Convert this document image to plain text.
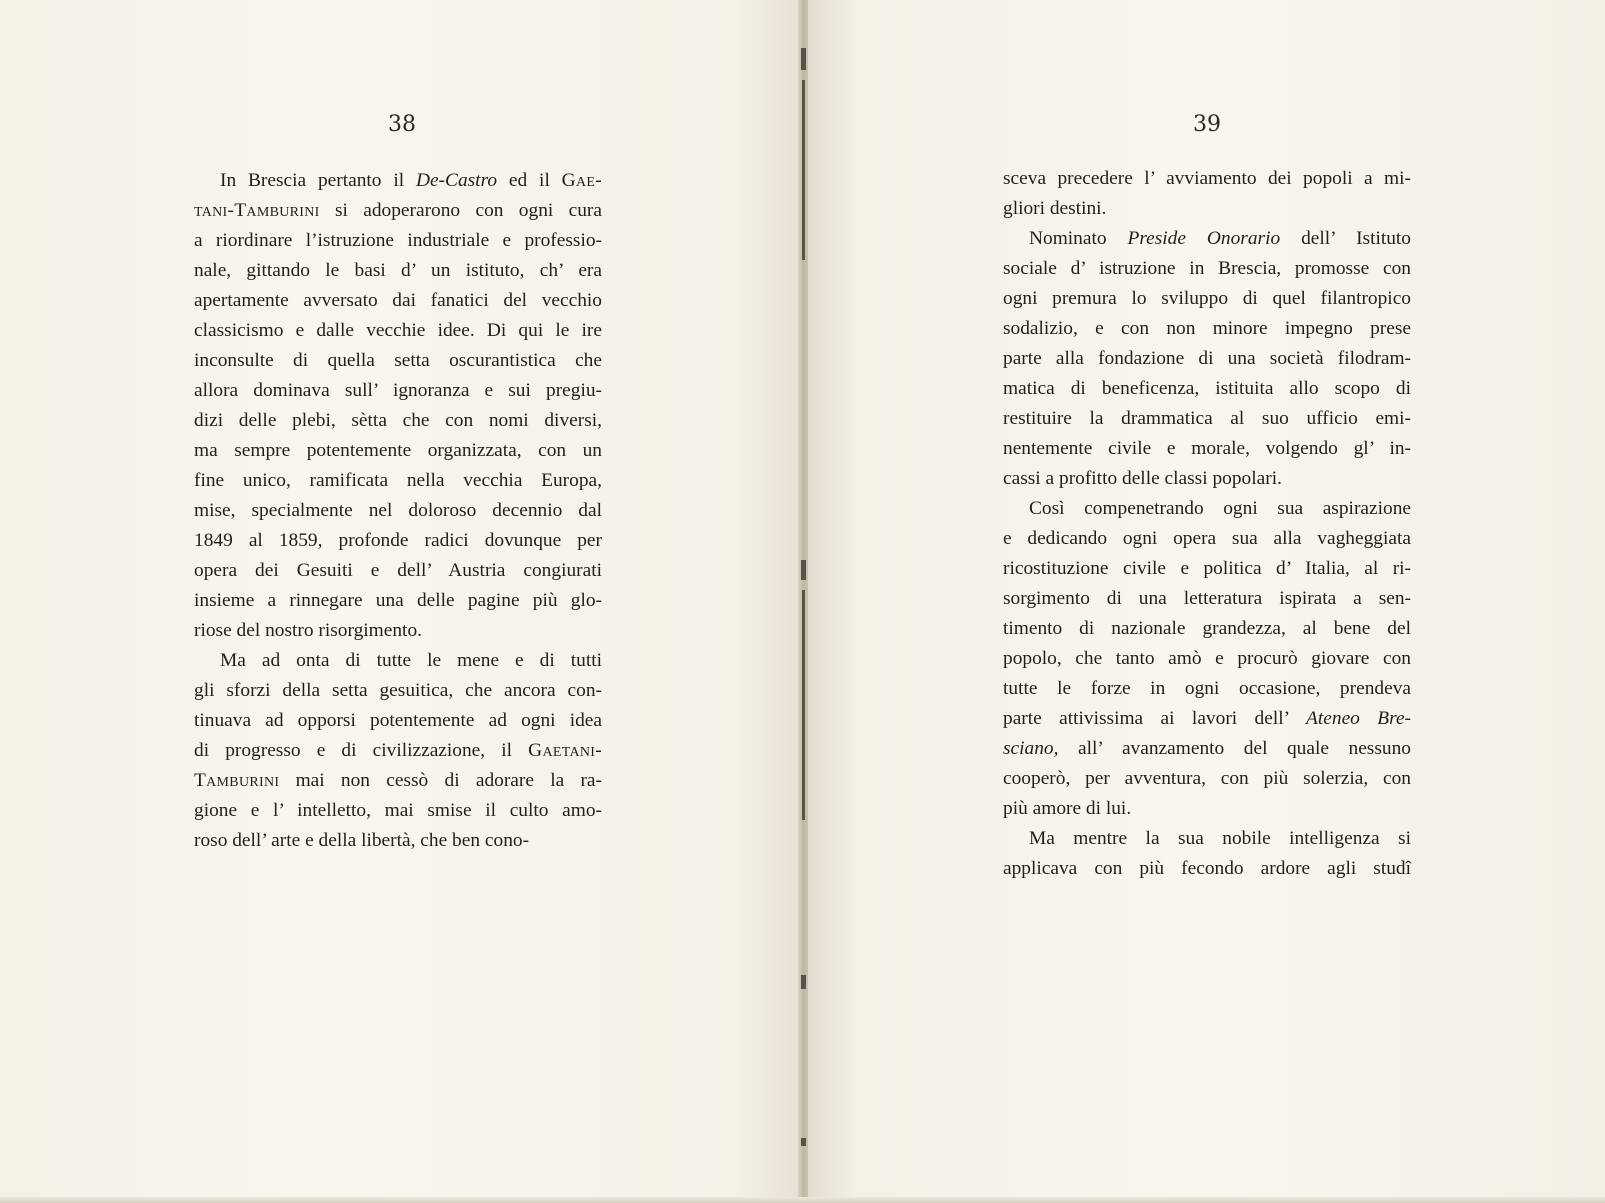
38
In Brescia pertanto il De-Castro ed il Gae-
tani-Tamburini si adoperarono con ogni cura
a riordinare l’istruzione industriale e professio-
nale, gittando le basi d’ un istituto, ch’ era
apertamente avversato dai fanatici del vecchio
classicismo e dalle vecchie idee. Di qui le ire
inconsulte di quella setta oscurantistica che
allora dominava sull’ ignoranza e sui pregiu-
dizi delle plebi, sètta che con nomi diversi,
ma sempre potentemente organizzata, con un
fine unico, ramificata nella vecchia Europa,
mise, specialmente nel doloroso decennio dal
1849 al 1859, profonde radici dovunque per
opera dei Gesuiti e dell’ Austria congiurati
insieme a rinnegare una delle pagine più glo-
riose del nostro risorgimento.
Ma ad onta di tutte le mene e di tutti
gli sforzi della setta gesuitica, che ancora con-
tinuava ad opporsi potentemente ad ogni idea
di progresso e di civilizzazione, il Gaetani-
Tamburini mai non cessò di adorare la ra-
gione e l’ intelletto, mai smise il culto amo-
roso dell’ arte e della libertà, che ben cono-
39
sceva precedere l’ avviamento dei popoli a mi-
gliori destini.
Nominato Preside Onorario dell’ Istituto
sociale d’ istruzione in Brescia, promosse con
ogni premura lo sviluppo di quel filantropico
sodalizio, e con non minore impegno prese
parte alla fondazione di una società filodram-
matica di beneficenza, istituita allo scopo di
restituire la drammatica al suo ufficio emi-
nentemente civile e morale, volgendo gl’ in-
cassi a profitto delle classi popolari.
Così compenetrando ogni sua aspirazione
e dedicando ogni opera sua alla vagheggiata
ricostituzione civile e politica d’ Italia, al ri-
sorgimento di una letteratura ispirata a sen-
timento di nazionale grandezza, al bene del
popolo, che tanto amò e procurò giovare con
tutte le forze in ogni occasione, prendeva
parte attivissima ai lavori dell’ Ateneo Bre-
sciano, all’ avanzamento del quale nessuno
cooperò, per avventura, con più solerzia, con
più amore di lui.
Ma mentre la sua nobile intelligenza si
applicava con più fecondo ardore agli studî
